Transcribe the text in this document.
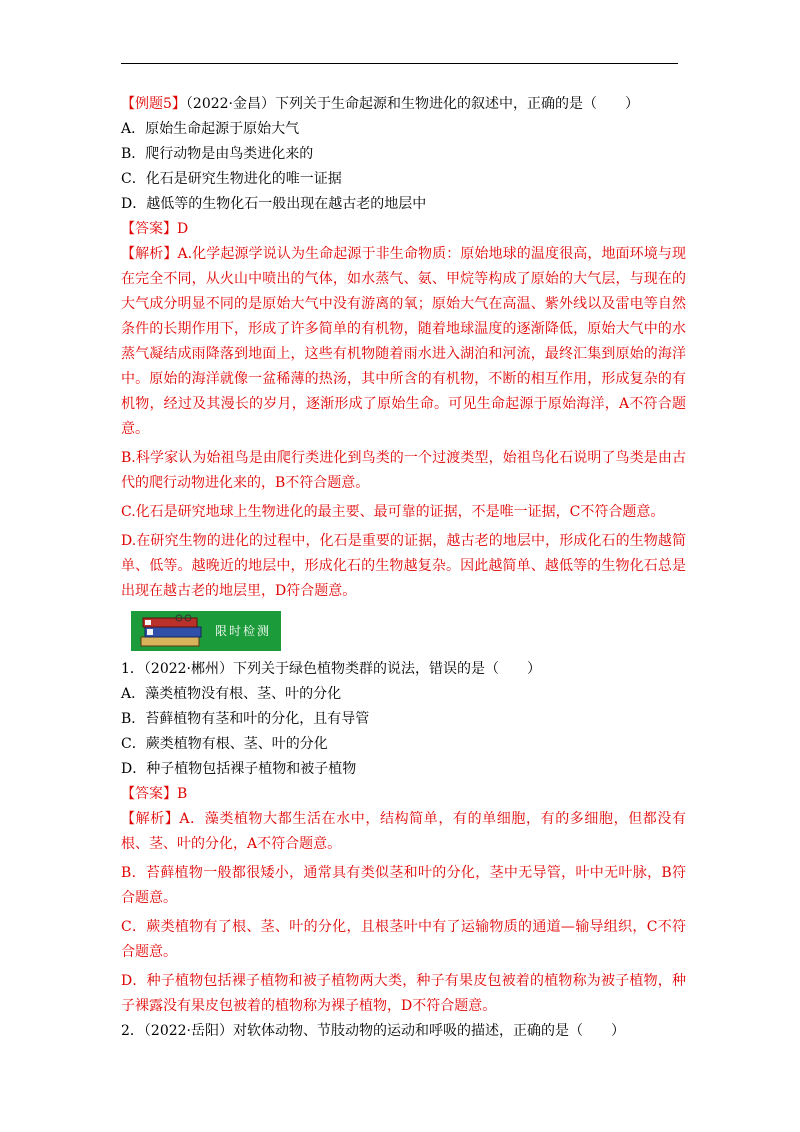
【例题5】（2022·金昌）下列关于生命起源和生物进化的叙述中，正确的是（　　）
A．原始生命起源于原始大气
B．爬行动物是由鸟类进化来的
C．化石是研究生物进化的唯一证据
D．越低等的生物化石一般出现在越古老的地层中
【答案】D
【解析】A.化学起源学说认为生命起源于非生命物质：原始地球的温度很高，地面环境与现在完全不同，从火山中喷出的气体，如水蒸气、氨、甲烷等构成了原始的大气层，与现在的大气成分明显不同的是原始大气中没有游离的氧；原始大气在高温、紫外线以及雷电等自然条件的长期作用下，形成了许多简单的有机物，随着地球温度的逐渐降低，原始大气中的水蒸气凝结成雨降落到地面上，这些有机物随着雨水进入湖泊和河流，最终汇集到原始的海洋中。原始的海洋就像一盆稀薄的热汤，其中所含的有机物，不断的相互作用，形成复杂的有机物，经过及其漫长的岁月，逐渐形成了原始生命。可见生命起源于原始海洋，A不符合题意。
B.科学家认为始祖鸟是由爬行类进化到鸟类的一个过渡类型，始祖鸟化石说明了鸟类是由古代的爬行动物进化来的，B不符合题意。
C.化石是研究地球上生物进化的最主要、最可靠的证据，不是唯一证据，C不符合题意。
D.在研究生物的进化的过程中，化石是重要的证据，越古老的地层中，形成化石的生物越简单、低等。越晚近的地层中，形成化石的生物越复杂。因此越简单、越低等的生物化石总是出现在越古老的地层里，D符合题意。
限时检测
1．（2022·郴州）下列关于绿色植物类群的说法，错误的是（　　）
A．藻类植物没有根、茎、叶的分化
B．苔藓植物有茎和叶的分化，且有导管
C．蕨类植物有根、茎、叶的分化
D．种子植物包括裸子植物和被子植物
【答案】B
【解析】A．藻类植物大都生活在水中，结构简单，有的单细胞，有的多细胞，但都没有根、茎、叶的分化，A不符合题意。
B．苔藓植物一般都很矮小，通常具有类似茎和叶的分化，茎中无导管，叶中无叶脉，B符合题意。
C．蕨类植物有了根、茎、叶的分化，且根茎叶中有了运输物质的通道—输导组织，C不符合题意。
D．种子植物包括裸子植物和被子植物两大类，种子有果皮包被着的植物称为被子植物，种子裸露没有果皮包被着的植物称为裸子植物，D不符合题意。
2．（2022·岳阳）对软体动物、节肢动物的运动和呼吸的描述，正确的是（　　）
